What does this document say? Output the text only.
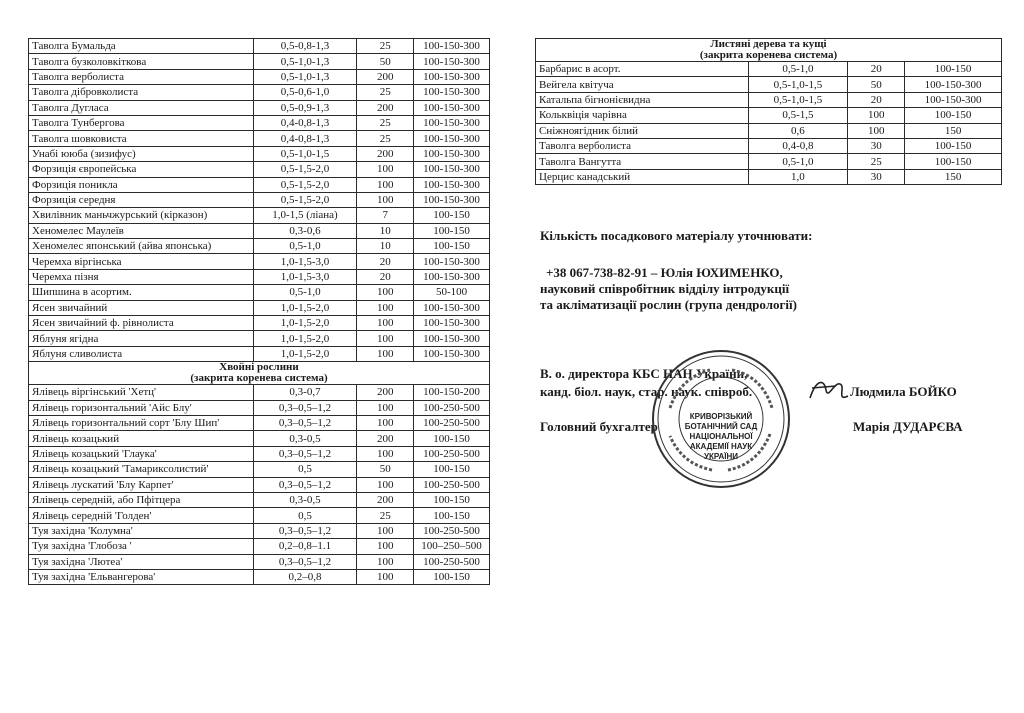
Таволга Бумальда	0,5-0,8-1,3	25	100-150-300
Таволга бузколовкіткова	0,5-1,0-1,3	50	100-150-300
Таволга верболиста	0,5-1,0-1,3	200	100-150-300
Таволга дібровколиста	0,5-0,6-1,0	25	100-150-300
Таволга Дугласа	0,5-0,9-1,3	200	100-150-300
Таволга Тунбергова	0,4-0,8-1,3	25	100-150-300
Таволга шовковиста	0,4-0,8-1,3	25	100-150-300
Унабі ююба (зизифус)	0,5-1,0-1,5	200	100-150-300
Форзиція європейська	0,5-1,5-2,0	100	100-150-300
Форзиція поникла	0,5-1,5-2,0	100	100-150-300
Форзиція середня	0,5-1,5-2,0	100	100-150-300
Хвилівник маньчжурський (кірказон)	1,0-1,5 (ліана)	7	100-150
Хеномелес Маулеїв	0,3-0,6	10	100-150
Хеномелес японський (айва японська)	0,5-1,0	10	100-150
Черемха віргінська	1,0-1,5-3,0	20	100-150-300
Черемха пізня	1,0-1,5-3,0	20	100-150-300
Шипшина в асортим.	0,5-1,0	100	50-100
Ясен звичайний	1,0-1,5-2,0	100	100-150-300
Ясен звичайний ф. рівнолиста	1,0-1,5-2,0	100	100-150-300
Яблуня ягідна	1,0-1,5-2,0	100	100-150-300
Яблуня сливолиста	1,0-1,5-2,0	100	100-150-300

Хвойні рослини
(закрита коренева система)			

Ялівець віргінський 'Хетц'	0,3-0,7	200	100-150-200
Ялівець горизонтальний 'Айс Блу'	0,3–0,5–1,2	100	100-250-500
Ялівець горизонтальний сорт 'Блу Шип'	0,3–0,5–1,2	100	100-250-500
Ялівець козацький	0,3-0,5	200	100-150
Ялівець козацький 'Глаука'	0,3–0,5–1,2	100	100-250-500
Ялівець козацький 'Тамариксолистий'	0,5	50	100-150
Ялівець лускатий 'Блу Карпет'	0,3–0,5–1,2	100	100-250-500
Ялівець середній, або Пфітцера	0,3-0,5	200	100-150
Ялівець середній 'Голден'	0,5	25	100-150
Туя західна 'Колумна'	0,3–0,5–1,2	100	100-250-500
Туя західна 'Глобоза '	0,2–0,8–1.1	100	100–250–500
Туя західна 'Лютеа'	0,3–0,5–1,2	100	100-250-500
Туя західна 'Ельвангерова'	0,2–0,8	100	100-150
Листяні дерева та кущі
(закрита коренева система)			

Барбарис в асорт.	0,5-1,0	20	100-150
Вейгела квітуча	0,5-1,0-1,5	50	100-150-300
Катальпа бігнонієвидна	0,5-1,0-1,5	20	100-150-300
Кольквіція чарівна	0,5-1,5	100	100-150
Сніжноягідник білий	0,6	100	150
Таволга верболиста	0,4-0,8	30	100-150
Таволга Вангутта	0,5-1,0	25	100-150
Церцис канадський	1,0	30	150
Кількість посадкового матеріалу уточнювати:
+38 067-738-82-91 – Юлія ЮХИМЕНКО,
науковий співробітник відділу інтродукції
та акліматизації рослин (група дендрології)
В. о. директора КБС НАН України,
канд. біол. наук, стар. наук. співроб.	Людмила БОЙКО
Головний бухгалтер	Марія ДУДАРЄВА
КРИВОРІЗЬКИЙ
БОТАНІЧНИЙ САД
НАЦІОНАЛЬНОЇ
АКАДЕМІЇ НАУК
УКРАЇНИ
